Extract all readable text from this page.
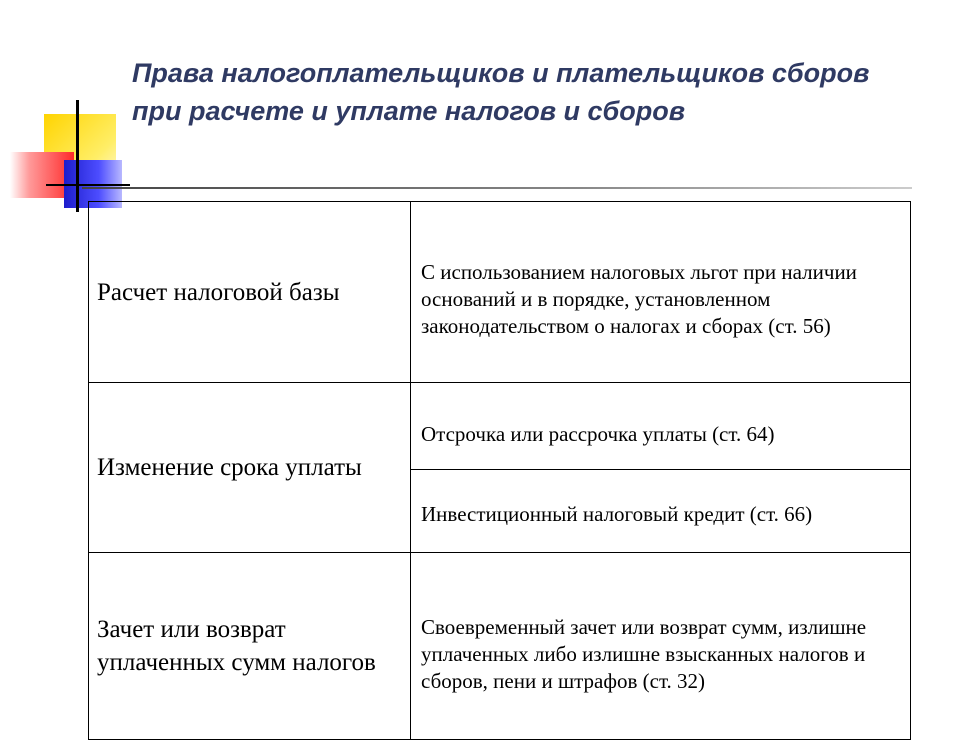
Права налогоплательщиков и плательщиков сборов при расчете и уплате налогов и сборов
Расчет налоговой базы	С использованием налоговых льгот при наличии оснований и в порядке, установленном законодательством о налогах и сборах (ст. 56)
Изменение срока уплаты	Отсрочка или рассрочка уплаты (ст. 64)
	Инвестиционный налоговый кредит (ст. 66)
Зачет или возврат уплаченных сумм налогов	Своевременный зачет или возврат сумм, излишне уплаченных либо излишне взысканных налогов и сборов, пени и штрафов (ст. 32)
